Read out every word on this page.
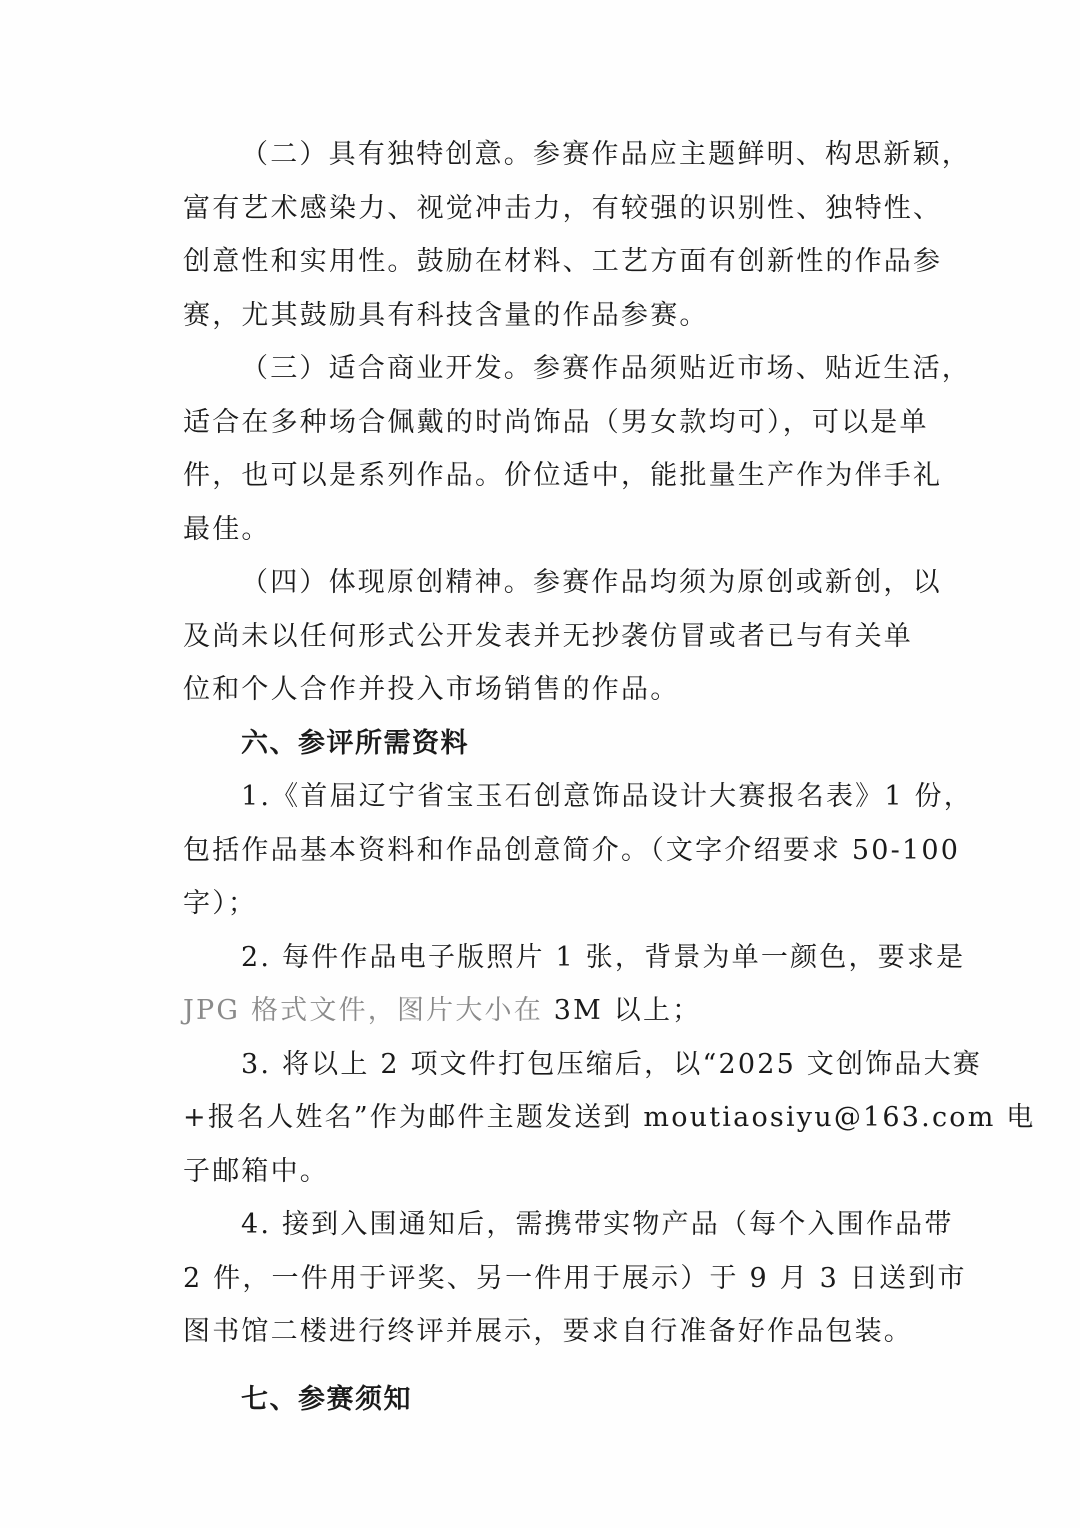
（二）具有独特创意。参赛作品应主题鲜明、构思新颖，
富有艺术感染力、视觉冲击力，有较强的识别性、独特性、
创意性和实用性。鼓励在材料、工艺方面有创新性的作品参
赛，尤其鼓励具有科技含量的作品参赛。
（三）适合商业开发。参赛作品须贴近市场、贴近生活，
适合在多种场合佩戴的时尚饰品（男女款均可），可以是单
件，也可以是系列作品。价位适中，能批量生产作为伴手礼
最佳。
（四）体现原创精神。参赛作品均须为原创或新创，以
及尚未以任何形式公开发表并无抄袭仿冒或者已与有关单
位和个人合作并投入市场销售的作品。
六、参评所需资料
1.《首届辽宁省宝玉石创意饰品设计大赛报名表》1 份，
包括作品基本资料和作品创意简介。（文字介绍要求 50-100
字）；
2. 每件作品电子版照片 1 张，背景为单一颜色，要求是
JPG 格式文件，图片大小在 3M 以上；
3. 将以上 2 项文件打包压缩后，以“2025 文创饰品大赛
+报名人姓名”作为邮件主题发送到 moutiaosiyu@163.com 电
子邮箱中。
4. 接到入围通知后，需携带实物产品（每个入围作品带
2 件，一件用于评奖、另一件用于展示）于 9 月 3 日送到市
图书馆二楼进行终评并展示，要求自行准备好作品包装。
七、参赛须知
